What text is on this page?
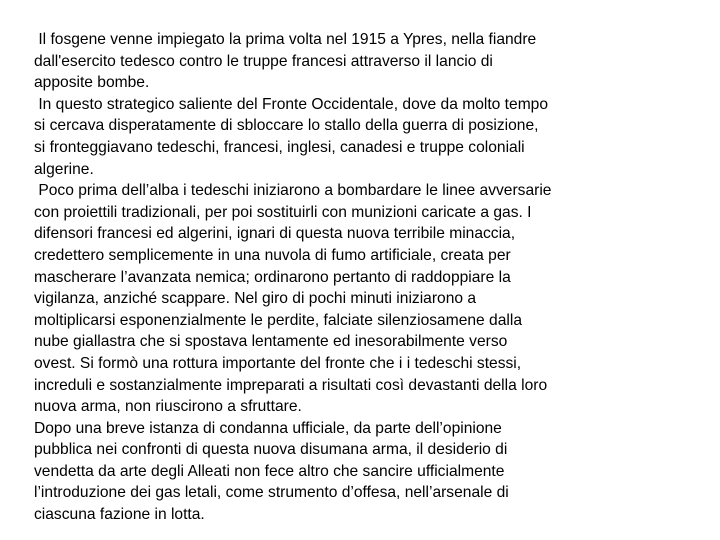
Il fosgene venne impiegato la prima volta nel 1915 a Ypres, nella fiandre
dall'esercito tedesco contro le truppe francesi attraverso il lancio di
apposite bombe.

In questo strategico saliente del Fronte Occidentale, dove da molto tempo
si cercava disperatamente di sbloccare lo stallo della guerra di posizione,
si fronteggiavano tedeschi, francesi, inglesi, canadesi e truppe coloniali
algerine.

Poco prima dell’alba i tedeschi iniziarono a bombardare le linee avversarie
con proiettili tradizionali, per poi sostituirli con munizioni caricate a gas. I
difensori francesi ed algerini, ignari di questa nuova terribile minaccia,
credettero semplicemente in una nuvola di fumo artificiale, creata per
mascherare l’avanzata nemica; ordinarono pertanto di raddoppiare la
vigilanza, anziché scappare. Nel giro di pochi minuti iniziarono a
moltiplicarsi esponenzialmente le perdite, falciate silenziosamene dalla
nube giallastra che si spostava lentamente ed inesorabilmente verso
ovest. Si formò una rottura importante del fronte che i i tedeschi stessi,
increduli e sostanzialmente impreparati a risultati così devastanti della loro
nuova arma, non riuscirono a sfruttare.

Dopo una breve istanza di condanna ufficiale, da parte dell’opinione
pubblica nei confronti di questa nuova disumana arma, il desiderio di
vendetta da arte degli Alleati non fece altro che sancire ufficialmente
l’introduzione dei gas letali, come strumento d’offesa, nell’arsenale di
ciascuna fazione in lotta.
